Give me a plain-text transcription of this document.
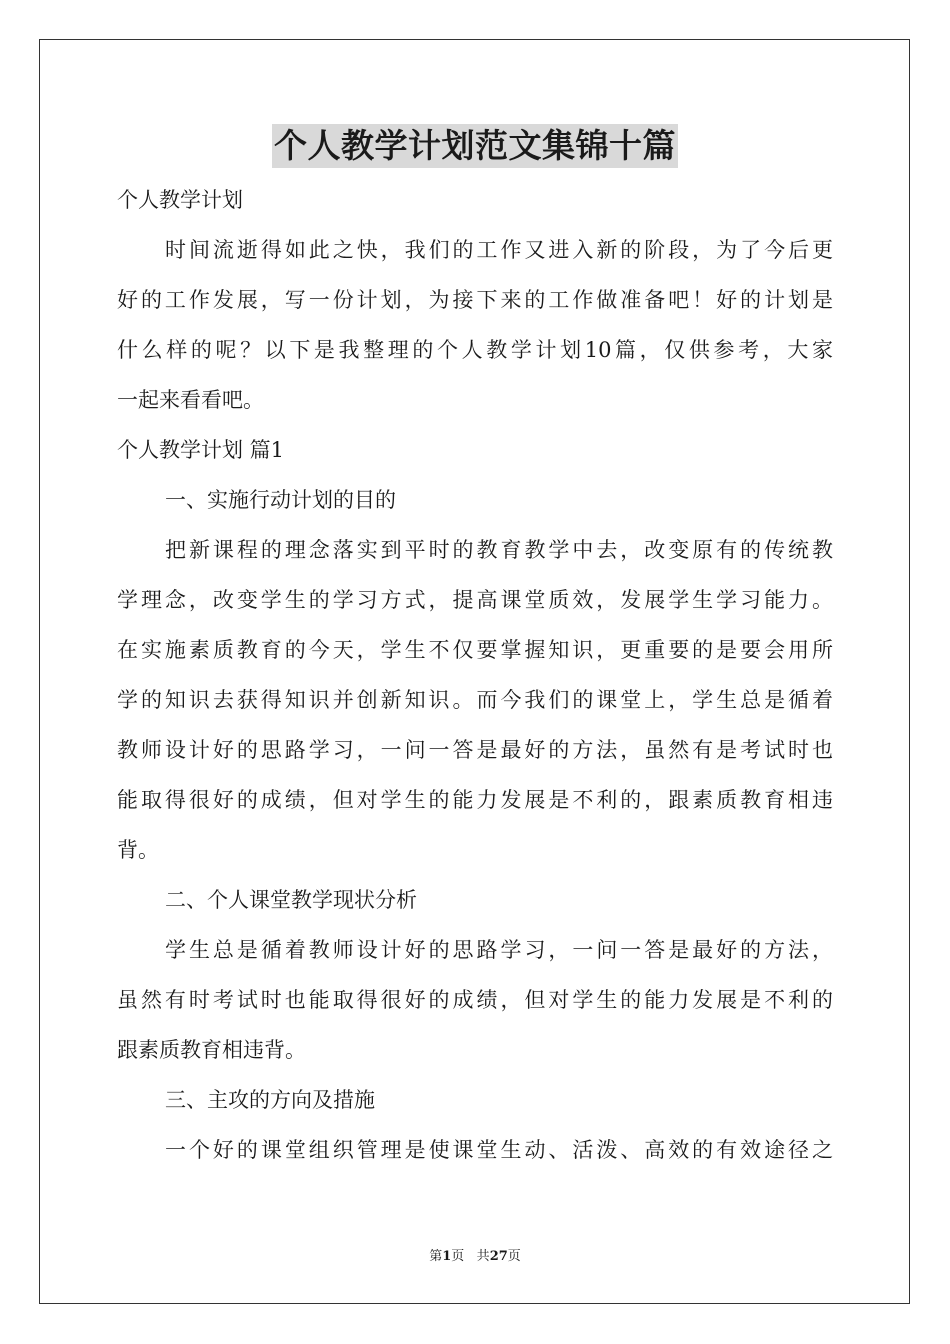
个人教学计划范文集锦十篇
个人教学计划
时间流逝得如此之快，我们的工作又进入新的阶段，为了今后更
好的工作发展，写一份计划，为接下来的工作做准备吧！好的计划是
什么样的呢？以下是我整理的个人教学计划10篇，仅供参考，大家
一起来看看吧。
个人教学计划 篇1
一、实施行动计划的目的
把新课程的理念落实到平时的教育教学中去，改变原有的传统教
学理念，改变学生的学习方式，提高课堂质效，发展学生学习能力。
在实施素质教育的今天，学生不仅要掌握知识，更重要的是要会用所
学的知识去获得知识并创新知识。而今我们的课堂上，学生总是循着
教师设计好的思路学习，一问一答是最好的方法，虽然有是考试时也
能取得很好的成绩，但对学生的能力发展是不利的，跟素质教育相违
背。
二、个人课堂教学现状分析
学生总是循着教师设计好的思路学习，一问一答是最好的方法，
虽然有时考试时也能取得很好的成绩，但对学生的能力发展是不利的
跟素质教育相违背。
三、主攻的方向及措施
一个好的课堂组织管理是使课堂生动、活泼、高效的有效途径之
第1页 共27页
